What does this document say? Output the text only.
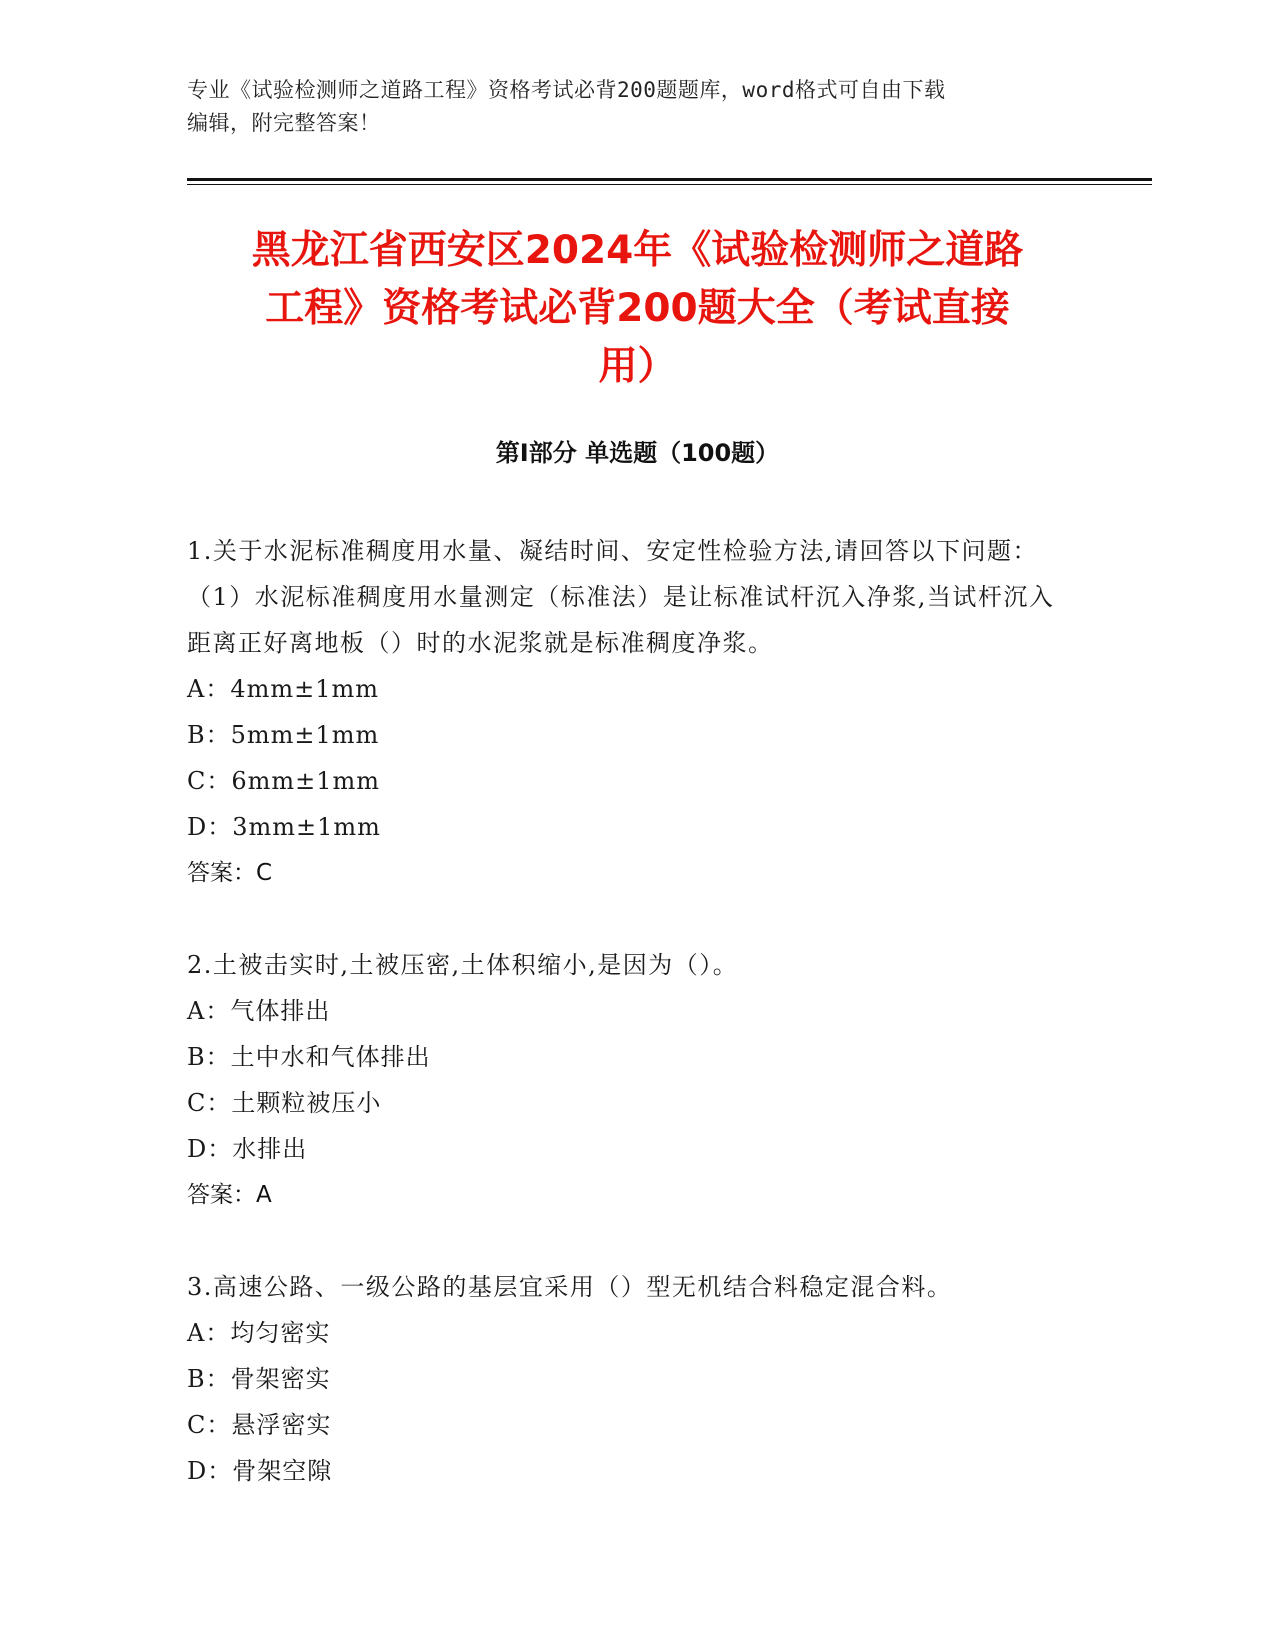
专业《试验检测师之道路工程》资格考试必背200题题库，word格式可自由下载
编辑，附完整答案！
黑龙江省西安区2024年《试验检测师之道路
工程》资格考试必背200题大全（考试直接
用）
第Ⅰ部分 单选题（100题）
1.关于水泥标准稠度用水量、凝结时间、安定性检验方法,请回答以下问题：（1）水泥标准稠度用水量测定（标准法）是让标准试杆沉入净浆,当试杆沉入距离正好离地板（）时的水泥浆就是标准稠度净浆。
A：4mm±1mm
B：5mm±1mm
C：6mm±1mm
D：3mm±1mm
答案：C
2.土被击实时,土被压密,土体积缩小,是因为（）。
A：气体排出
B：土中水和气体排出
C：土颗粒被压小
D：水排出
答案：A
3.高速公路、一级公路的基层宜采用（）型无机结合料稳定混合料。
A：均匀密实
B：骨架密实
C：悬浮密实
D：骨架空隙
